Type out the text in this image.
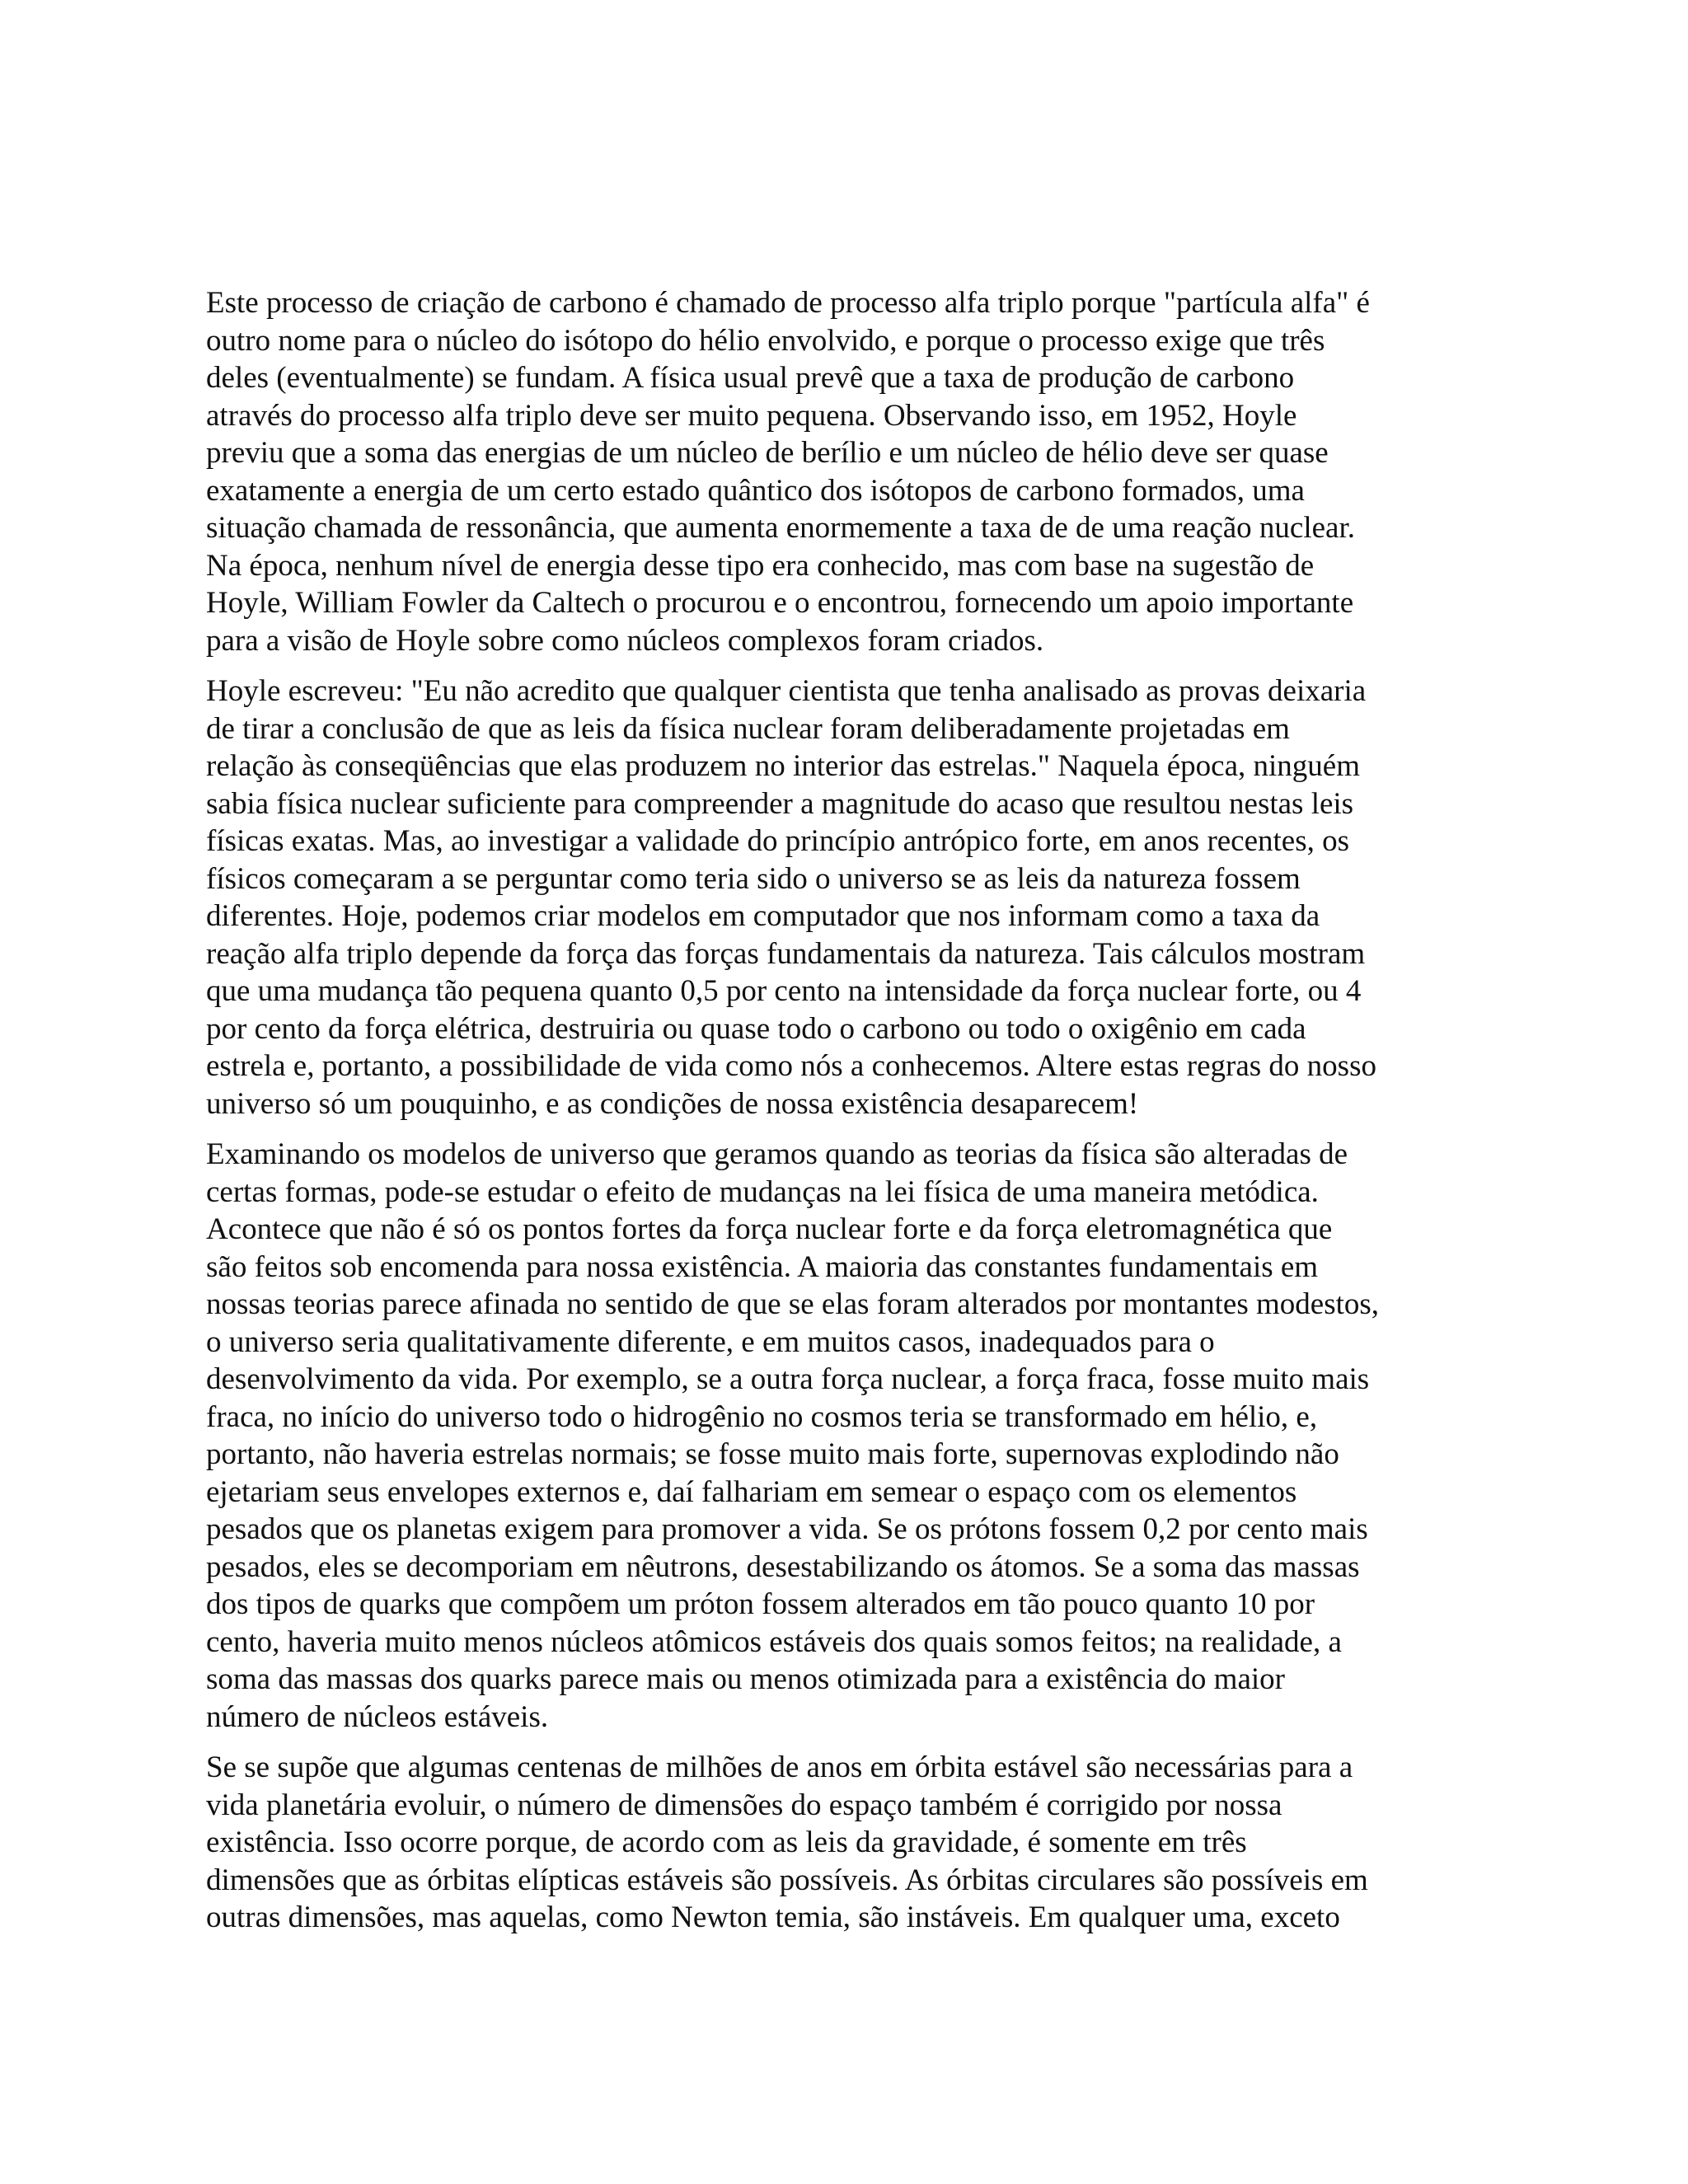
Este processo de criação de carbono é chamado de processo alfa triplo porque "partícula alfa" é
outro nome para o núcleo do isótopo do hélio envolvido, e porque o processo exige que três
deles (eventualmente) se fundam. A física usual prevê que a taxa de produção de carbono
através do processo alfa triplo deve ser muito pequena. Observando isso, em 1952, Hoyle
previu que a soma das energias de um núcleo de berílio e um núcleo de hélio deve ser quase
exatamente a energia de um certo estado quântico dos isótopos de carbono formados, uma
situação chamada de ressonância, que aumenta enormemente a taxa de de uma reação nuclear.
Na época, nenhum nível de energia desse tipo era conhecido, mas com base na sugestão de
Hoyle, William Fowler da Caltech o procurou e o encontrou, fornecendo um apoio importante
para a visão de Hoyle sobre como núcleos complexos foram criados.

Hoyle escreveu: "Eu não acredito que qualquer cientista que tenha analisado as provas deixaria
de tirar a conclusão de que as leis da física nuclear foram deliberadamente projetadas em
relação às conseqüências que elas produzem no interior das estrelas." Naquela época, ninguém
sabia física nuclear suficiente para compreender a magnitude do acaso que resultou nestas leis
físicas exatas. Mas, ao investigar a validade do princípio antrópico forte, em anos recentes, os
físicos começaram a se perguntar como teria sido o universo se as leis da natureza fossem
diferentes. Hoje, podemos criar modelos em computador que nos informam como a taxa da
reação alfa triplo depende da força das forças fundamentais da natureza. Tais cálculos mostram
que uma mudança tão pequena quanto 0,5 por cento na intensidade da força nuclear forte, ou 4
por cento da força elétrica, destruiria ou quase todo o carbono ou todo o oxigênio em cada
estrela e, portanto, a possibilidade de vida como nós a conhecemos. Altere estas regras do nosso
universo só um pouquinho, e as condições de nossa existência desaparecem!

Examinando os modelos de universo que geramos quando as teorias da física são alteradas de
certas formas, pode-se estudar o efeito de mudanças na lei física de uma maneira metódica.
Acontece que não é só os pontos fortes da força nuclear forte e da força eletromagnética que
são feitos sob encomenda para nossa existência. A maioria das constantes fundamentais em
nossas teorias parece afinada no sentido de que se elas foram alterados por montantes modestos,
o universo seria qualitativamente diferente, e em muitos casos, inadequados para o
desenvolvimento da vida. Por exemplo, se a outra força nuclear, a força fraca, fosse muito mais
fraca, no início do universo todo o hidrogênio no cosmos teria se transformado em hélio, e,
portanto, não haveria estrelas normais; se fosse muito mais forte, supernovas explodindo não
ejetariam seus envelopes externos e, daí falhariam em semear o espaço com os elementos
pesados que os planetas exigem para promover a vida. Se os prótons fossem 0,2 por cento mais
pesados, eles se decomporiam em nêutrons, desestabilizando os átomos. Se a soma das massas
dos tipos de quarks que compõem um próton fossem alterados em tão pouco quanto 10 por
cento, haveria muito menos núcleos atômicos estáveis dos quais somos feitos; na realidade, a
soma das massas dos quarks parece mais ou menos otimizada para a existência do maior
número de núcleos estáveis.

Se se supõe que algumas centenas de milhões de anos em órbita estável são necessárias para a
vida planetária evoluir, o número de dimensões do espaço também é corrigido por nossa
existência. Isso ocorre porque, de acordo com as leis da gravidade, é somente em três
dimensões que as órbitas elípticas estáveis são possíveis. As órbitas circulares são possíveis em
outras dimensões, mas aquelas, como Newton temia, são instáveis. Em qualquer uma, exceto
